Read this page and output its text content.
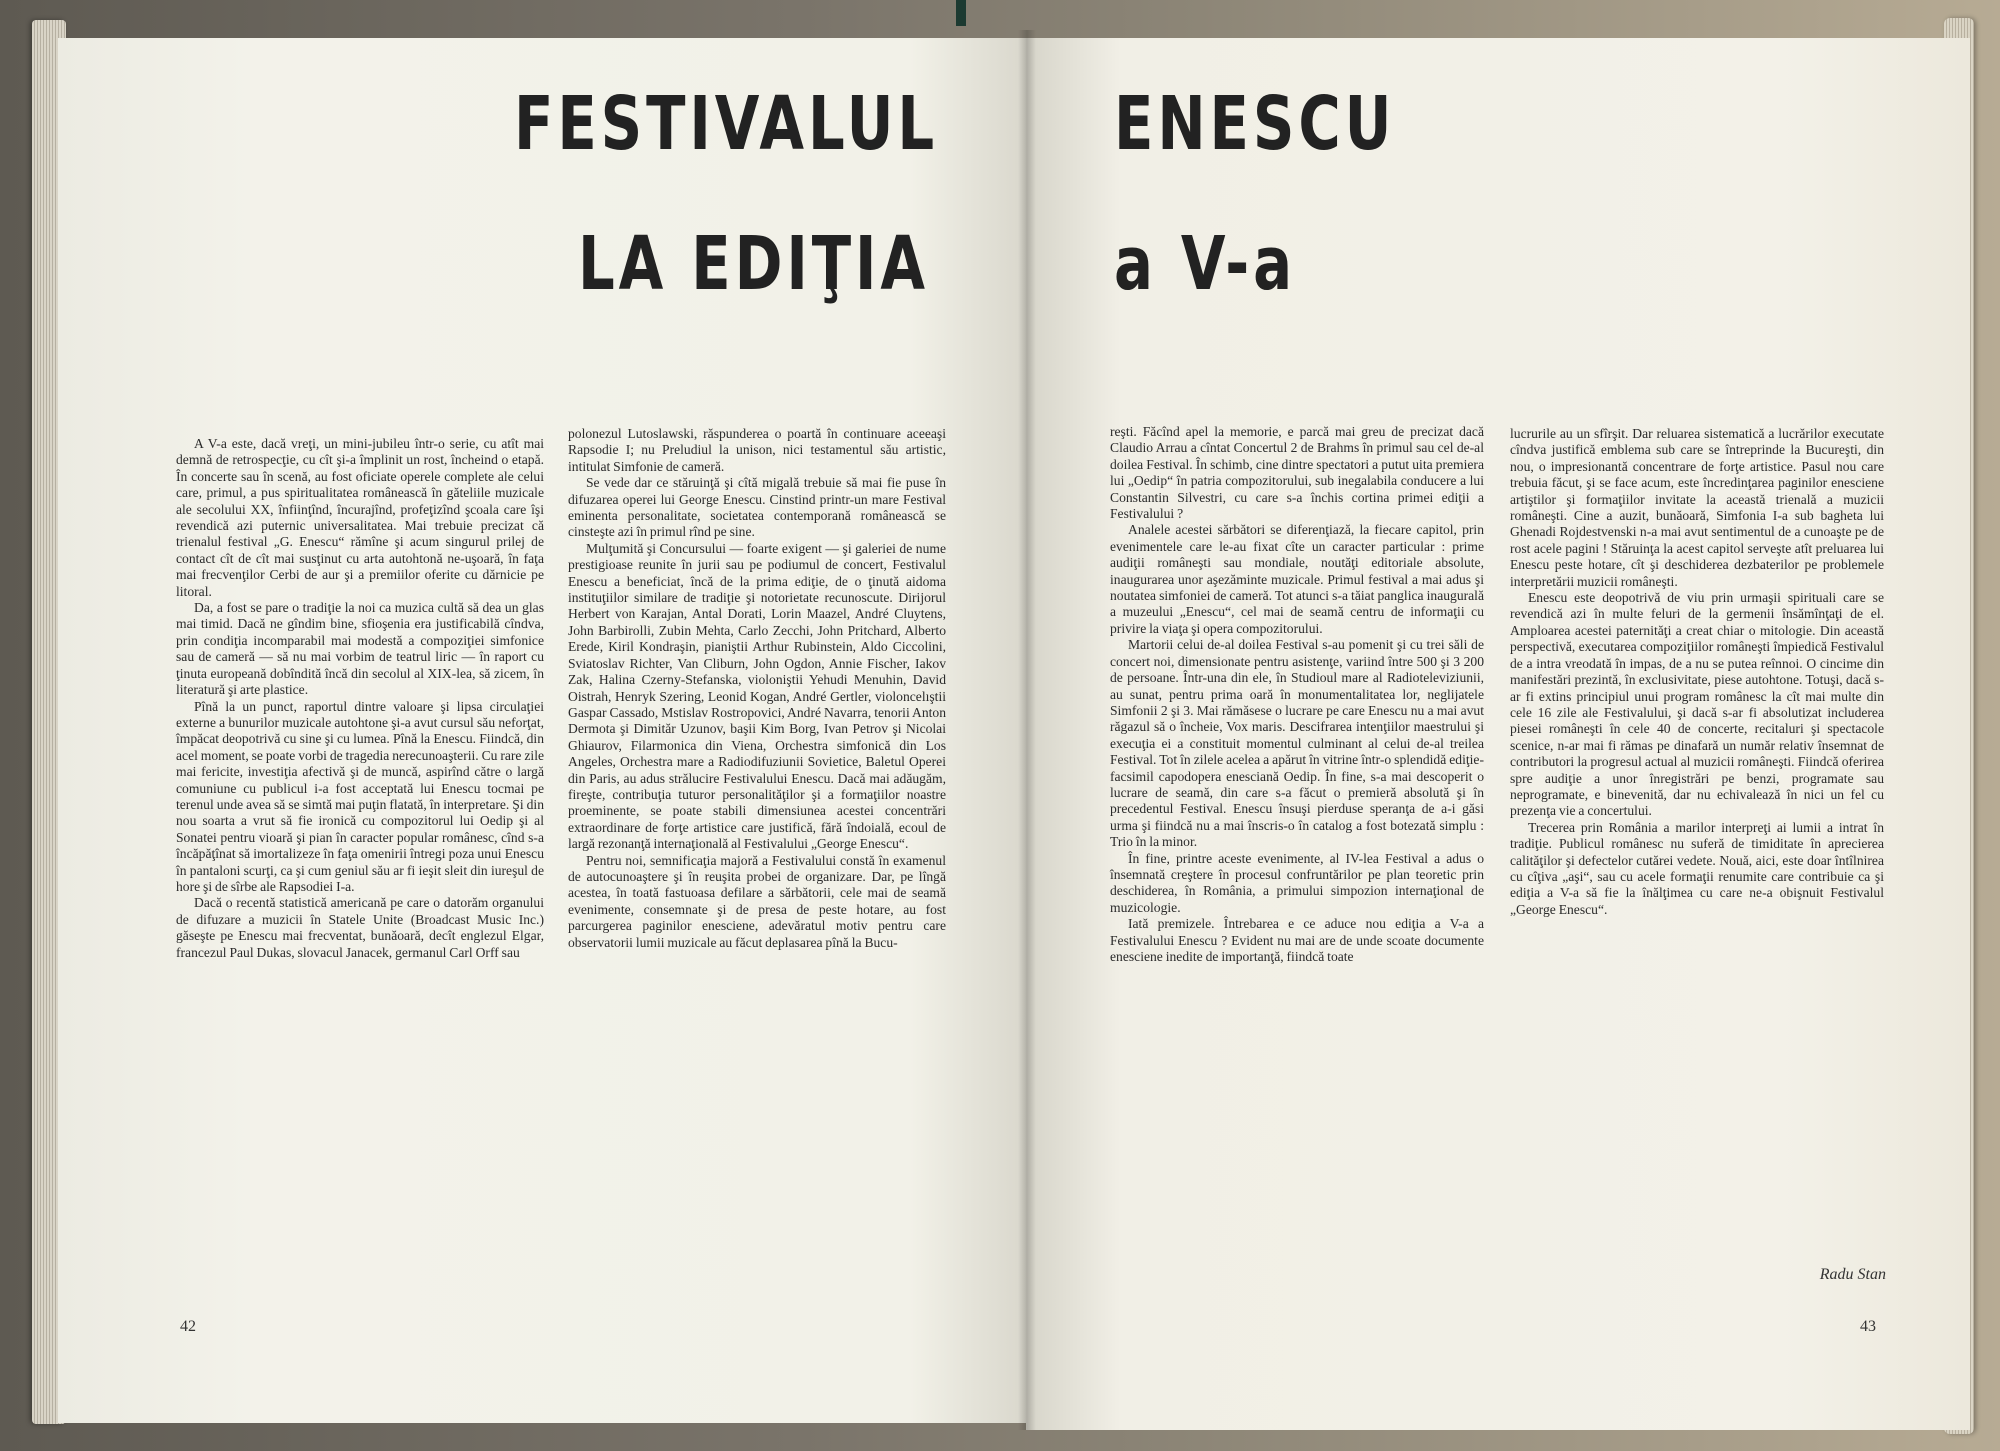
FESTIVALUL ENESCU
LA EDIŢIA	a V-a

A V-a este, dacă vreţi, un mini-jubileu într-o serie, cu atît mai demnă de retrospecţie, cu cît şi-a împlinit un rost, încheind o etapă. În concerte sau în scenă, au fost oficiate operele complete ale celui care, primul, a pus spiritualitatea românească în găteliile muzicale ale secolului XX, înfiinţînd, încurajînd, profeţizînd şcoala care îşi revendică azi puternic universalitatea. Mai trebuie precizat că trienalul festival „G. Enescu“ rămîne şi acum singurul prilej de contact cît de cît mai susţinut cu arta autohtonă ne-uşoară, în faţa mai frecvenţilor Cerbi de aur şi a premiilor oferite cu dărnicie pe litoral.

Da, a fost se pare o tradiţie la noi ca muzica cultă să dea un glas mai timid. Dacă ne gîndim bine, sfioşenia era justificabilă cîndva, prin condiţia incomparabil mai modestă a compoziţiei simfonice sau de cameră — să nu mai vorbim de teatrul liric — în raport cu ţinuta europeană dobîndită încă din secolul al XIX-lea, să zicem, în literatură şi arte plastice.

Pînă la un punct, raportul dintre valoare şi lipsa circulaţiei externe a bunurilor muzicale autohtone şi-a avut cursul său neforţat, împăcat deopotrivă cu sine şi cu lumea. Pînă la Enescu. Fiindcă, din acel moment, se poate vorbi de tragedia nerecunoaşterii. Cu rare zile mai fericite, investiţia afectivă şi de muncă, aspirînd către o largă comuniune cu publicul i-a fost acceptată lui Enescu tocmai pe terenul unde avea să se simtă mai puţin flatată, în interpretare. Şi din nou soarta a vrut să fie ironică cu compozitorul lui Oedip şi al Sonatei pentru vioară şi pian în caracter popular românesc, cînd s-a încăpăţînat să imortalizeze în faţa omenirii întregi poza unui Enescu în pantaloni scurţi, ca şi cum geniul său ar fi ieşit sleit din iureşul de hore şi de sîrbe ale Rapsodiei I-a.

Dacă o recentă statistică americană pe care o datorăm organului de difuzare a muzicii în Statele Unite (Broadcast Music Inc.) găseşte pe Enescu mai frecventat, bunăoară, decît englezul Elgar, francezul Paul Dukas, slovacul Janacek, germanul Carl Orff sau

polonezul Lutoslawski, răspunderea o poartă în continuare aceeaşi Rapsodie I; nu Preludiul la unison, nici testamentul său artistic, intitulat Simfonie de cameră.

Se vede dar ce stăruinţă şi cîtă migală trebuie să mai fie puse în difuzarea operei lui George Enescu. Cinstind printr-un mare Festival eminenta personalitate, societatea contemporană românească se cinsteşte azi în primul rînd pe sine.

Mulţumită şi Concursului — foarte exigent — şi galeriei de nume prestigioase reunite în jurii sau pe podiumul de concert, Festivalul Enescu a beneficiat, încă de la prima ediţie, de o ţinută aidoma instituţiilor similare de tradiţie şi notorietate recunoscute. Dirijorul Herbert von Karajan, Antal Dorati, Lorin Maazel, André Cluytens, John Barbirolli, Zubin Mehta, Carlo Zecchi, John Pritchard, Alberto Erede, Kiril Kondraşin, pianiştii Arthur Rubinstein, Aldo Ciccolini, Sviatoslav Richter, Van Cliburn, John Ogdon, Annie Fischer, Iakov Zak, Halina Czerny-Stefanska, violoniştii Yehudi Menuhin, David Oistrah, Henryk Szering, Leonid Kogan, André Gertler, violoncelıştii Gaspar Cassado, Mstislav Rostropovici, André Navarra, tenorii Anton Dermota şi Dimităr Uzunov, başii Kim Borg, Ivan Petrov şi Nicolai Ghiaurov, Filarmonica din Viena, Orchestra simfonică din Los Angeles, Orchestra mare a Radiodifuziunii Sovietice, Baletul Operei din Paris, au adus strălucire Festivalului Enescu. Dacă mai adăugăm, fireşte, contribuţia tuturor personalităţilor şi a formaţiilor noastre proeminente, se poate stabili dimensiunea acestei concentrări extraordinare de forţe artistice care justifică, fără îndoială, ecoul de largă rezonanţă internaţională al Festivalului „George Enescu“.

Pentru noi, semnificaţia majoră a Festivalului constă în examenul de autocunoaştere şi în reuşita probei de organizare. Dar, pe lîngă acestea, în toată fastuoasa defilare a sărbătorii, cele mai de seamă evenimente, consemnate şi de presa de peste hotare, au fost parcurgerea paginilor enesciene, adevăratul motiv pentru care observatorii lumii muzicale au făcut deplasarea pînă la Bucu-

reşti. Făcînd apel la memorie, e parcă mai greu de precizat dacă Claudio Arrau a cîntat Concertul 2 de Brahms în primul sau cel de-al doilea Festival. În schimb, cine dintre spectatori a putut uita premiera lui „Oedip“ în patria compozitorului, sub inegalabila conducere a lui Constantin Silvestri, cu care s-a închis cortina primei ediţii a Festivalului ?

Analele acestei sărbători se diferenţiază, la fiecare capitol, prin evenimentele care le-au fixat cîte un caracter particular : prime audiţii româneşti sau mondiale, noutăţi editoriale absolute, inaugurarea unor aşezăminte muzicale. Primul festival a mai adus şi noutatea simfoniei de cameră. Tot atunci s-a tăiat panglica inaugurală a muzeului „Enescu“, cel mai de seamă centru de informaţii cu privire la viaţa şi opera compozitorului.

Martorii celui de-al doilea Festival s-au pomenit şi cu trei săli de concert noi, dimensionate pentru asistenţe, variind între 500 şi 3 200 de persoane. Într-una din ele, în Studioul mare al Radioteleviziunii, au sunat, pentru prima oară în monumentalitatea lor, neglijatele Simfonii 2 şi 3. Mai rămăsese o lucrare pe care Enescu nu a mai avut răgazul să o încheie, Vox maris. Descifrarea intenţiilor maestrului şi execuţia ei a constituit momentul culminant al celui de-al treilea Festival. Tot în zilele acelea a apărut în vitrine într-o splendidă ediţie-facsimil capodopera enesciană Oedip. În fine, s-a mai descoperit o lucrare de seamă, din care s-a făcut o premieră absolută şi în precedentul Festival. Enescu însuşi pierduse speranţa de a-i găsi urma şi fiindcă nu a mai înscris-o în catalog a fost botezată simplu : Trio în la minor.

În fine, printre aceste evenimente, al IV-lea Festival a adus o însemnată creştere în procesul confruntărilor pe plan teoretic prin deschiderea, în România, a primului simpozion internaţional de muzicologie.

Iată premizele. Întrebarea e ce aduce nou ediţia a V-a a Festivalului Enescu ? Evident nu mai are de unde scoate documente enesciene inedite de importanţă, fiindcă toate

lucrurile au un sfîrşit. Dar reluarea sistematică a lucrărilor executate cîndva justifică emblema sub care se întreprinde la Bucureşti, din nou, o impresionantă concentrare de forţe artistice. Pasul nou care trebuia făcut, şi se face acum, este încredinţarea paginilor enesciene artiştilor şi formaţiilor invitate la această trienală a muzicii româneşti. Cine a auzit, bunăoară, Simfonia I-a sub bagheta lui Ghenadi Rojdestvenski n-a mai avut sentimentul de a cunoaşte pe de rost acele pagini ! Stăruinţa la acest capitol serveşte atît preluarea lui Enescu peste hotare, cît şi deschiderea dezbaterilor pe problemele interpretării muzicii româneşti.

Enescu este deopotrivă de viu prin urmaşii spirituali care se revendică azi în multe feluri de la germenii însămînţaţi de el. Amploarea acestei paternităţi a creat chiar o mitologie. Din această perspectivă, executarea compoziţiilor româneşti împiedică Festivalul de a intra vreodată în impas, de a nu se putea reînnoi. O cincime din manifestări prezintă, în exclusivitate, piese autohtone. Totuşi, dacă s-ar fi extins principiul unui program românesc la cît mai multe din cele 16 zile ale Festivalului, şi dacă s-ar fi absolutizat includerea piesei româneşti în cele 40 de concerte, recitaluri şi spectacole scenice, n-ar mai fi rămas pe dinafară un număr relativ însemnat de contributori la progresul actual al muzicii româneşti. Fiindcă oferirea spre audiţie a unor înregistrări pe benzi, programate sau neprogramate, e binevenită, dar nu echivalează în nici un fel cu prezenţa vie a concertului.

Trecerea prin România a marilor interpreţi ai lumii a intrat în tradiţie. Publicul românesc nu suferă de timiditate în aprecierea calităţilor şi defectelor cutărei vedete. Nouă, aici, este doar întîlnirea cu cîţiva „aşi“, sau cu acele formaţii renumite care contribuie ca şi ediţia a V-a să fie la înălţimea cu care ne-a obişnuit Festivalul „George Enescu“.

Radu Stan
42	43
